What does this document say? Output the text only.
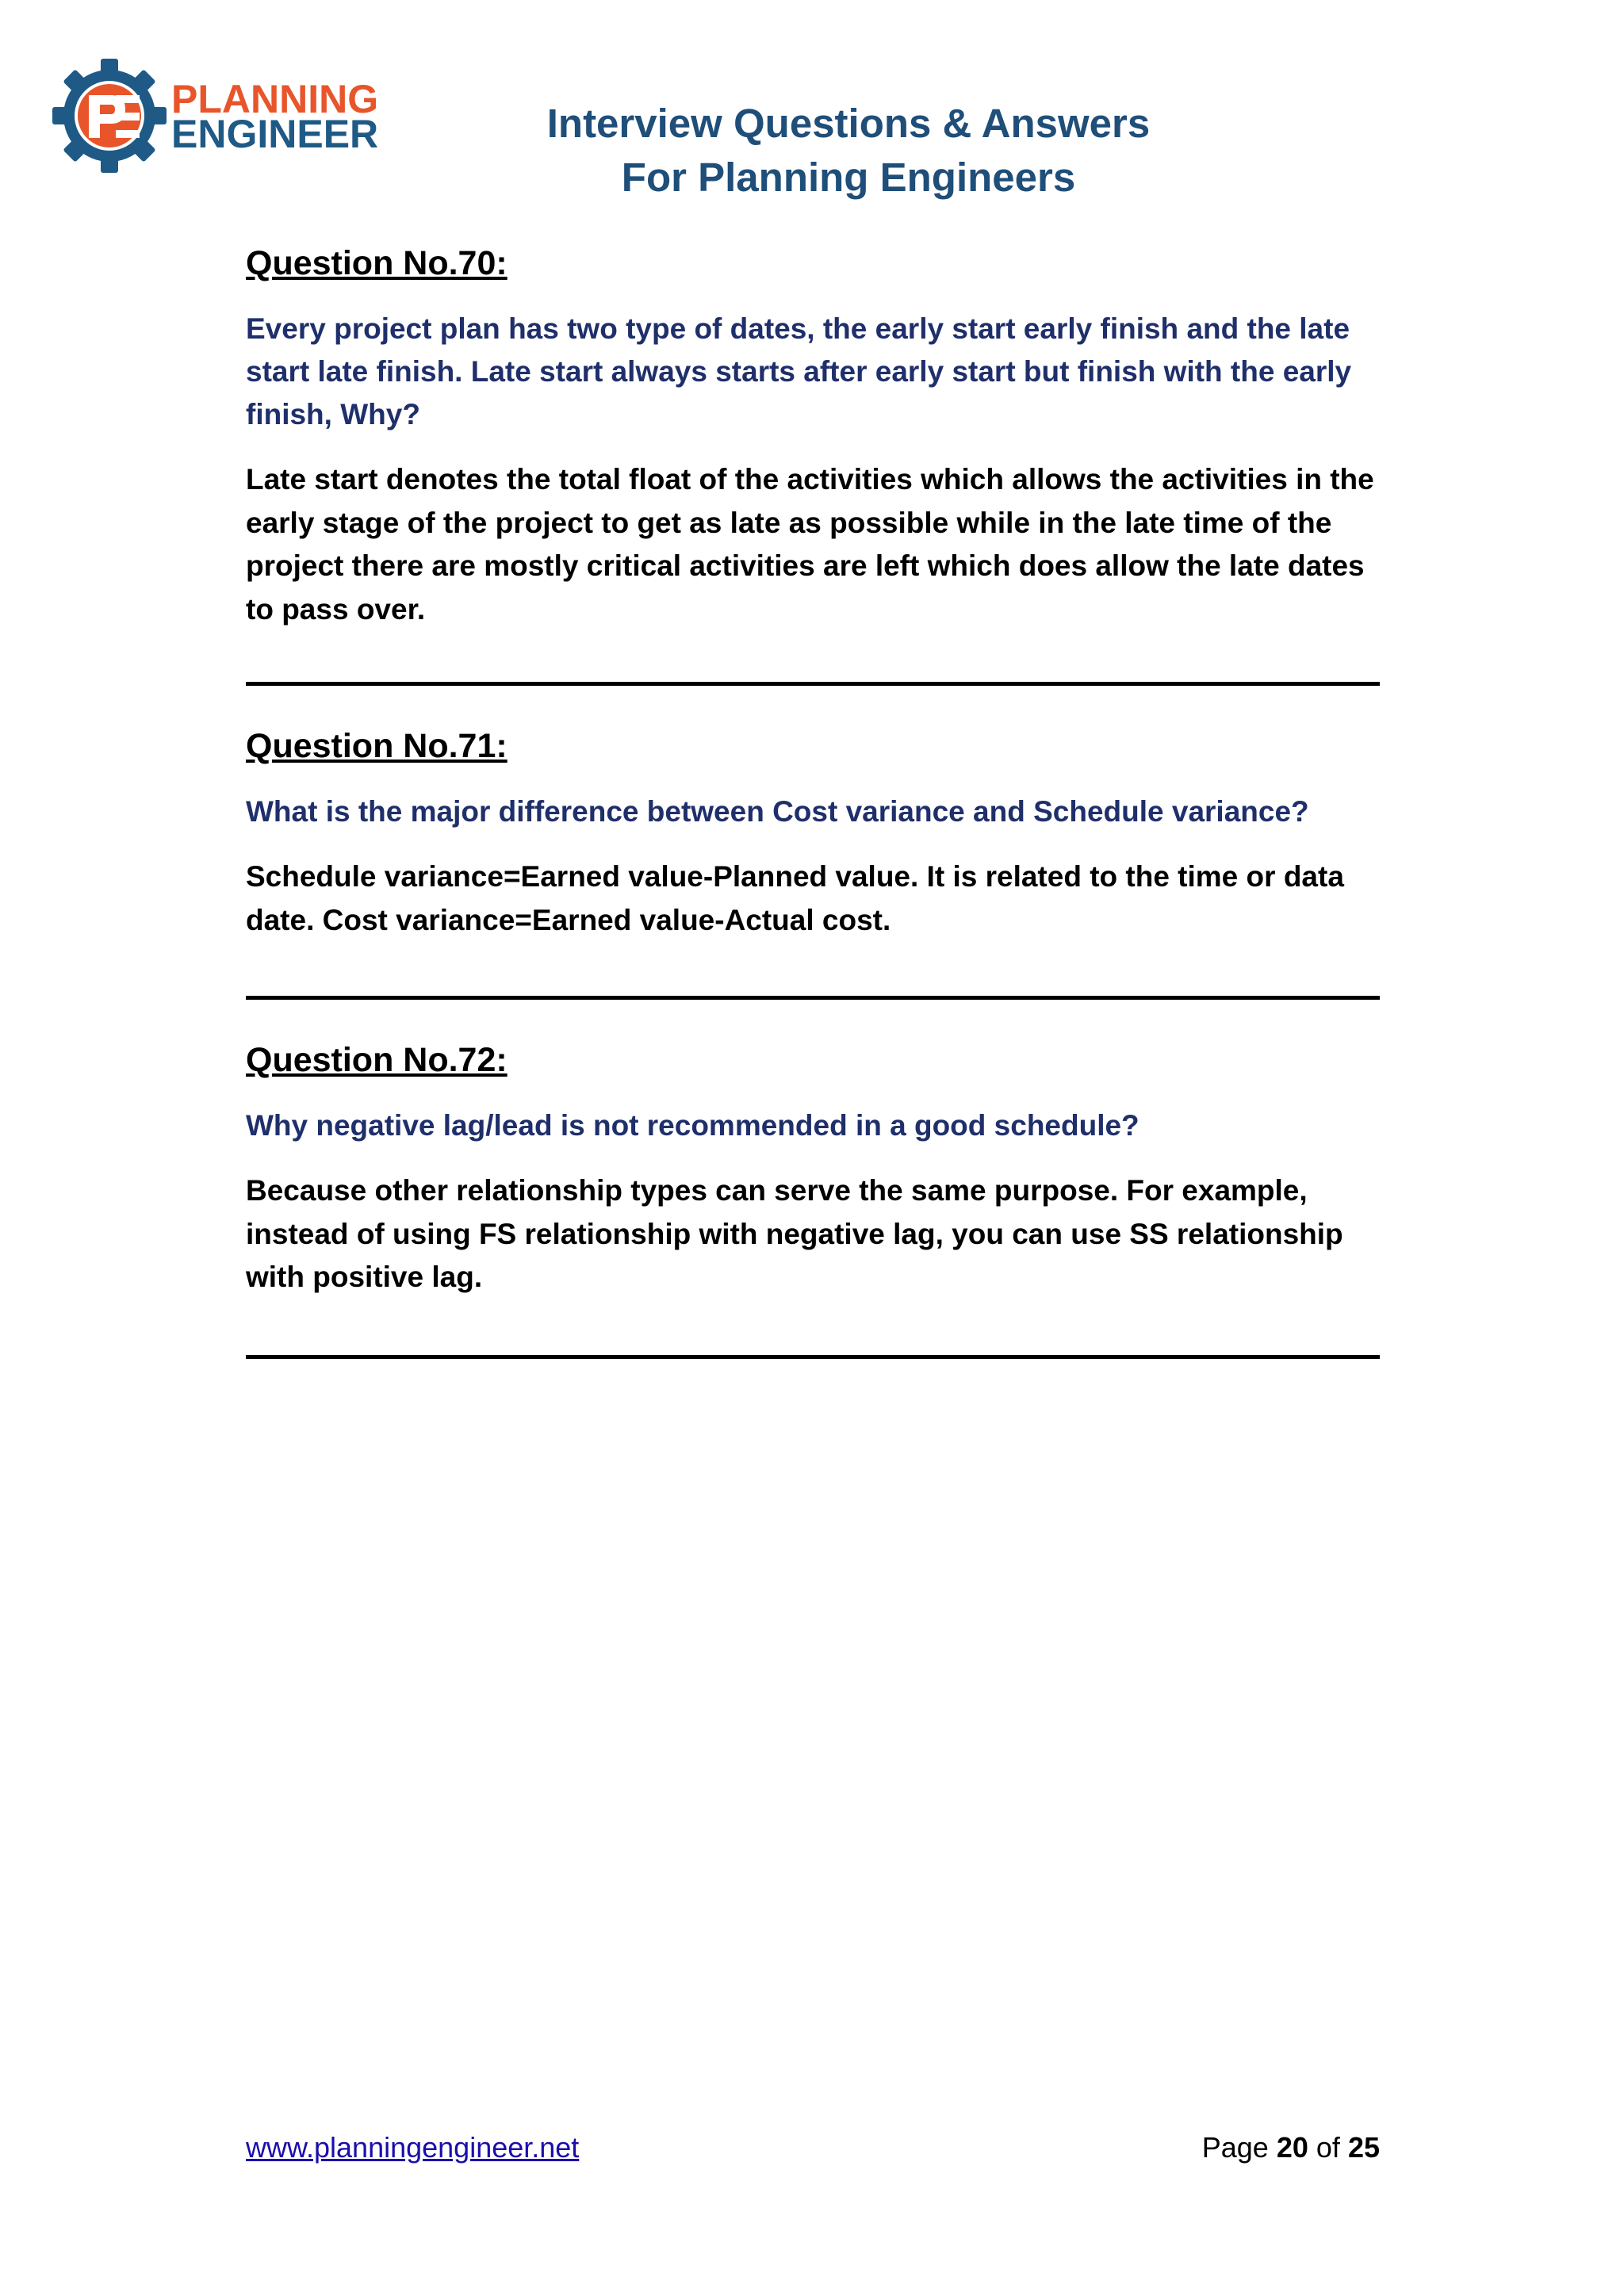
PLANNING
ENGINEER	Interview Questions & Answers
For Planning Engineers
Question No.70:

Every project plan has two type of dates, the early start early finish and the late start late finish. Late start always starts after early start but finish with the early finish, Why?

Late start denotes the total float of the activities which allows the activities in the early stage of the project to get as late as possible while in the late time of the project there are mostly critical activities are left which does allow the late dates to pass over.

Question No.71:

What is the major difference between Cost variance and Schedule variance?

Schedule variance=Earned value-Planned value. It is related to the time or data date. Cost variance=Earned value-Actual cost.

Question No.72:

Why negative lag/lead is not recommended in a good schedule?

Because other relationship types can serve the same purpose. For example, instead of using FS relationship with negative lag, you can use SS relationship with positive lag.

www.planningengineer.net	Page 20 of 25
